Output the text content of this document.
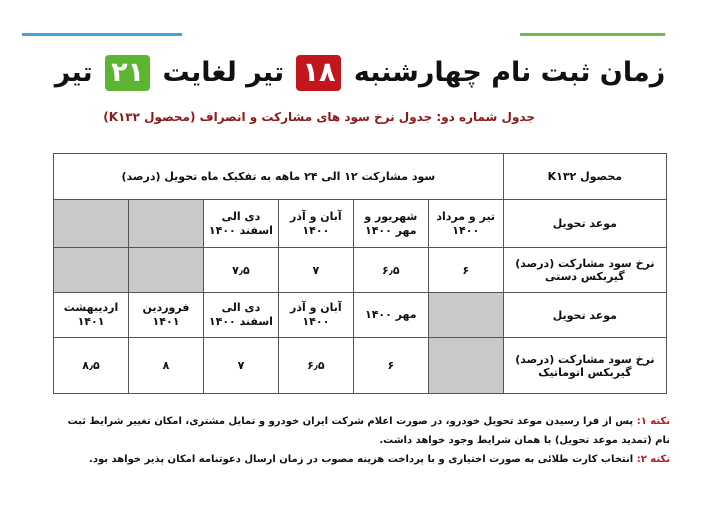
زمان ثبت نام چهارشنبه ۱۸ تیر لغایت ۲۱ تیر
جدول شماره دو: جدول نرخ سود های مشارکت و انصراف (محصول K۱۳۲)
محصول K۱۳۲	سود مشارکت ۱۲ الی ۲۴ ماهه به تفکیک ماه تحویل (درصد)					
موعد تحویل	تیر و مرداد ۱۴۰۰	شهریور و مهر ۱۴۰۰	آبان و آذر ۱۴۰۰	دی الی اسفند ۱۴۰۰		
نرخ سود مشارکت (درصد) گیربکس دستی	۶	۶٫۵	۷	۷٫۵		
موعد تحویل		مهر ۱۴۰۰	آبان و آذر ۱۴۰۰	دی الی اسفند ۱۴۰۰	فروردین ۱۴۰۱	اردیبهشت ۱۴۰۱
نرخ سود مشارکت (درصد) گیربکس اتوماتیک		۶	۶٫۵	۷	۸	۸٫۵
نکته ۱: پس از فرا رسیدن موعد تحویل خودرو، در صورت اعلام شرکت ایران خودرو و تمایل مشتری، امکان تغییر شرایط ثبت نام (تمدید موعد تحویل) با همان شرایط وجود خواهد داشت.
نکته ۲: انتخاب کارت طلائی به صورت اختیاری و با پرداخت هزینه مصوب در زمان ارسال دعوتنامه امکان پذیر خواهد بود.
